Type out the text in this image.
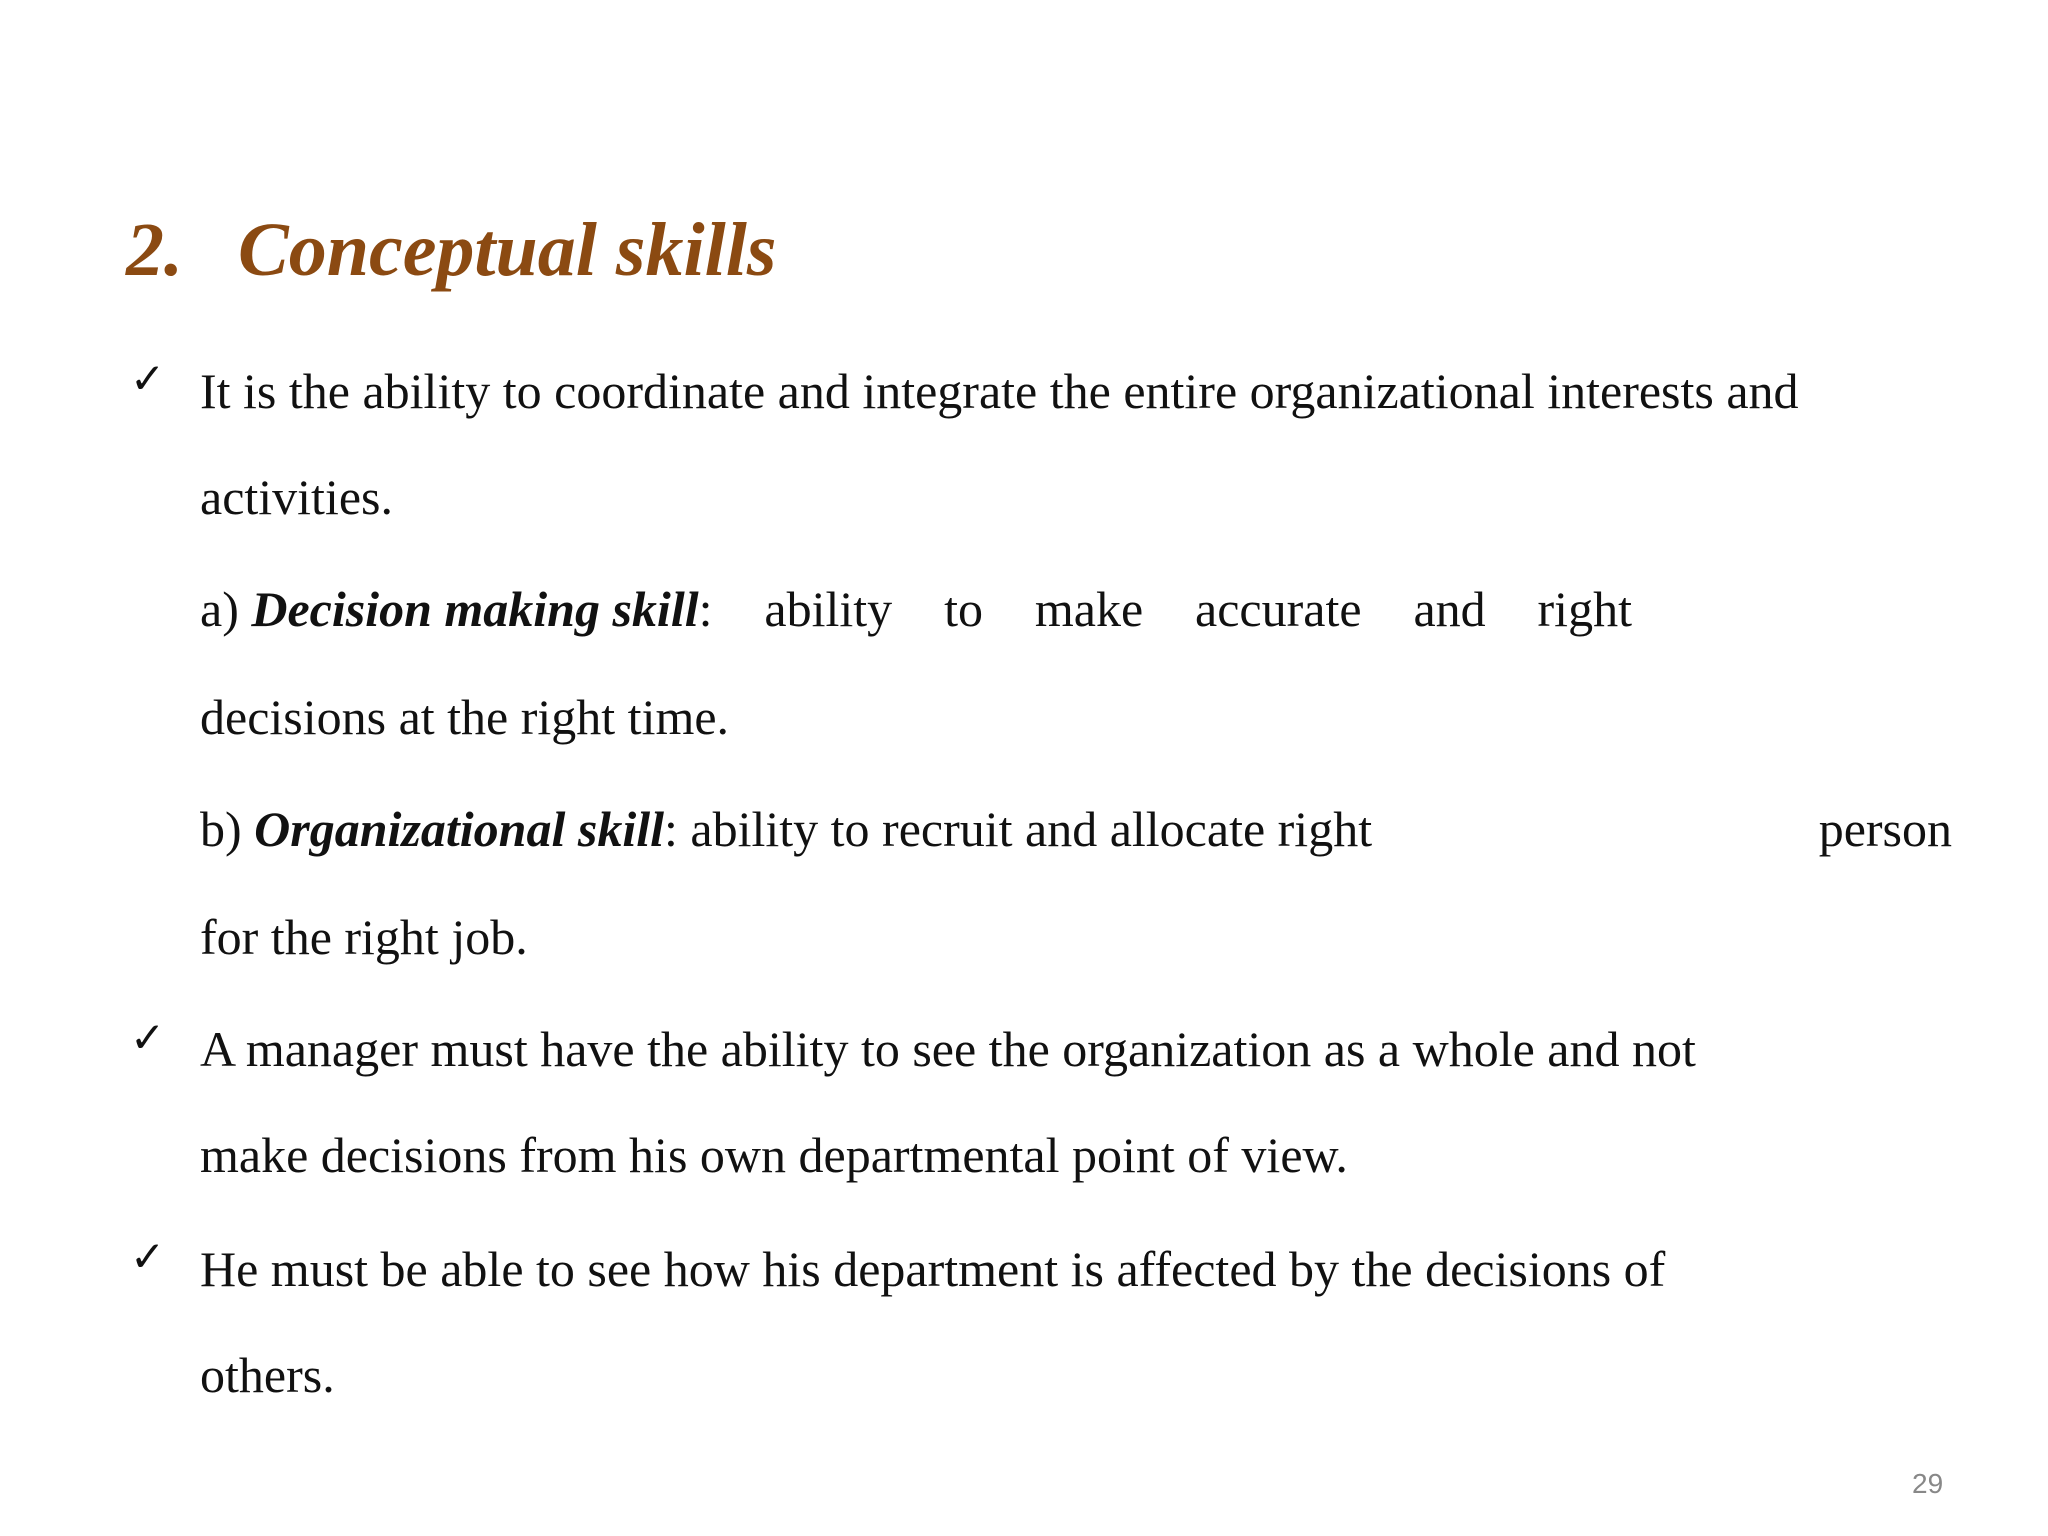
2. Conceptual skills
✓ It is the ability to coordinate and integrate the entire organizational interests and
activities.
a) Decision making skill: ability to make accurate and right
decisions at the right time.
b) Organizational skill: ability to recruit and allocate right	person
for the right job.
✓ A manager must have the ability to see the organization as a whole and not
make decisions from his own departmental point of view.
✓ He must be able to see how his department is affected by the decisions of
others.
29
